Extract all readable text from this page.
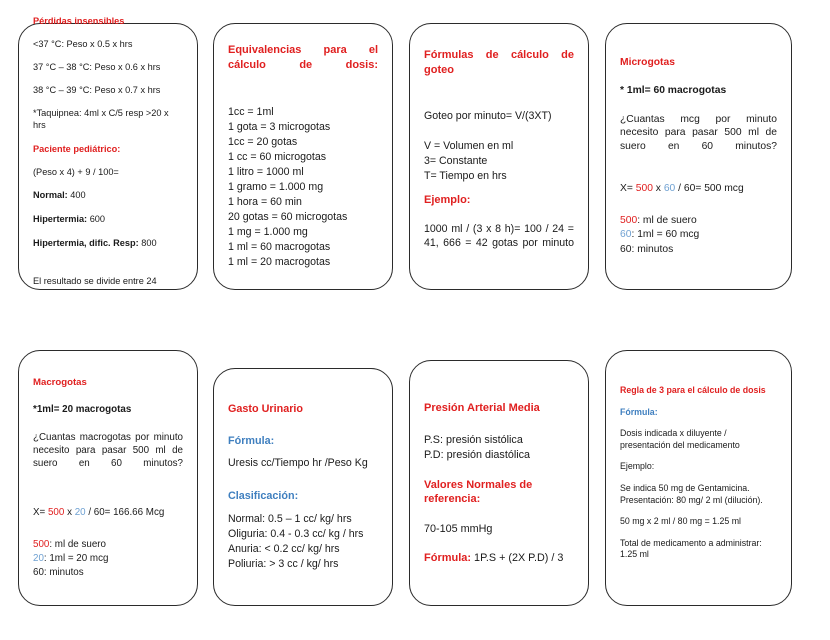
Pérdidas insensibles

<37 °C: Peso x 0.5 x hrs

37 °C – 38 °C: Peso x 0.6 x hrs

38 °C – 39 °C: Peso x 0.7 x hrs

*Taquipnea: 4ml x C/5 resp >20 x hrs

Paciente pediátrico:

(Peso x 4) + 9 / 100=

Normal: 400

Hipertermia: 600

Hipertermia, dific. Resp: 800

El resultado se divide entre 24

Equivalencias para el cálculo de dosis:

1cc = 1ml

1 gota = 3 microgotas

1cc = 20 gotas

1 cc = 60 microgotas

1 litro = 1000 ml

1 gramo = 1.000 mg

1 hora = 60 min

20 gotas = 60 microgotas

1 mg = 1.000 mg

1 ml = 60 macrogotas

1 ml = 20 macrogotas

Fórmulas de cálculo de goteo

Goteo por minuto= V/(3XT)

V = Volumen en ml

3= Constante

T= Tiempo en hrs

Ejemplo:

1000 ml / (3 x 8 h)= 100 / 24 = 41, 666 = 42 gotas por minuto

Microgotas

* 1ml= 60 macrogotas

¿Cuantas mcg por minuto necesito para pasar 500 ml de suero en 60 minutos?

X= 500 x 60 / 60= 500 mcg

500: ml de suero

60: 1ml = 60 mcg

60: minutos

Macrogotas

*1ml= 20 macrogotas

¿Cuantas macrogotas por minuto necesito para pasar 500 ml de suero en 60 minutos?

X= 500 x 20 / 60= 166.66 Mcg

500: ml de suero

20: 1ml = 20 mcg

60: minutos

Gasto Urinario

Fórmula:

Uresis cc/Tiempo hr /Peso Kg

Clasificación:

Normal: 0.5 – 1 cc/ kg/ hrs

Oliguria: 0.4 - 0.3 cc/ kg / hrs

Anuria: < 0.2 cc/ kg/ hrs

Poliuria: > 3 cc / kg/ hrs

Presión Arterial Media

P.S: presión sistólica

P.D: presión diastólica

Valores Normales de referencia:

70-105 mmHg

Fórmula: 1P.S + (2X P.D) / 3

Regla de 3 para el cálculo de dosis

Fórmula:

Dosis indicada x diluyente / presentación del medicamento

Ejemplo:

Se indica 50 mg de Gentamicina. Presentación: 80 mg/ 2 ml (dilución).

50 mg x 2 ml / 80 mg = 1.25 ml

Total de medicamento a administrar: 1.25 ml
